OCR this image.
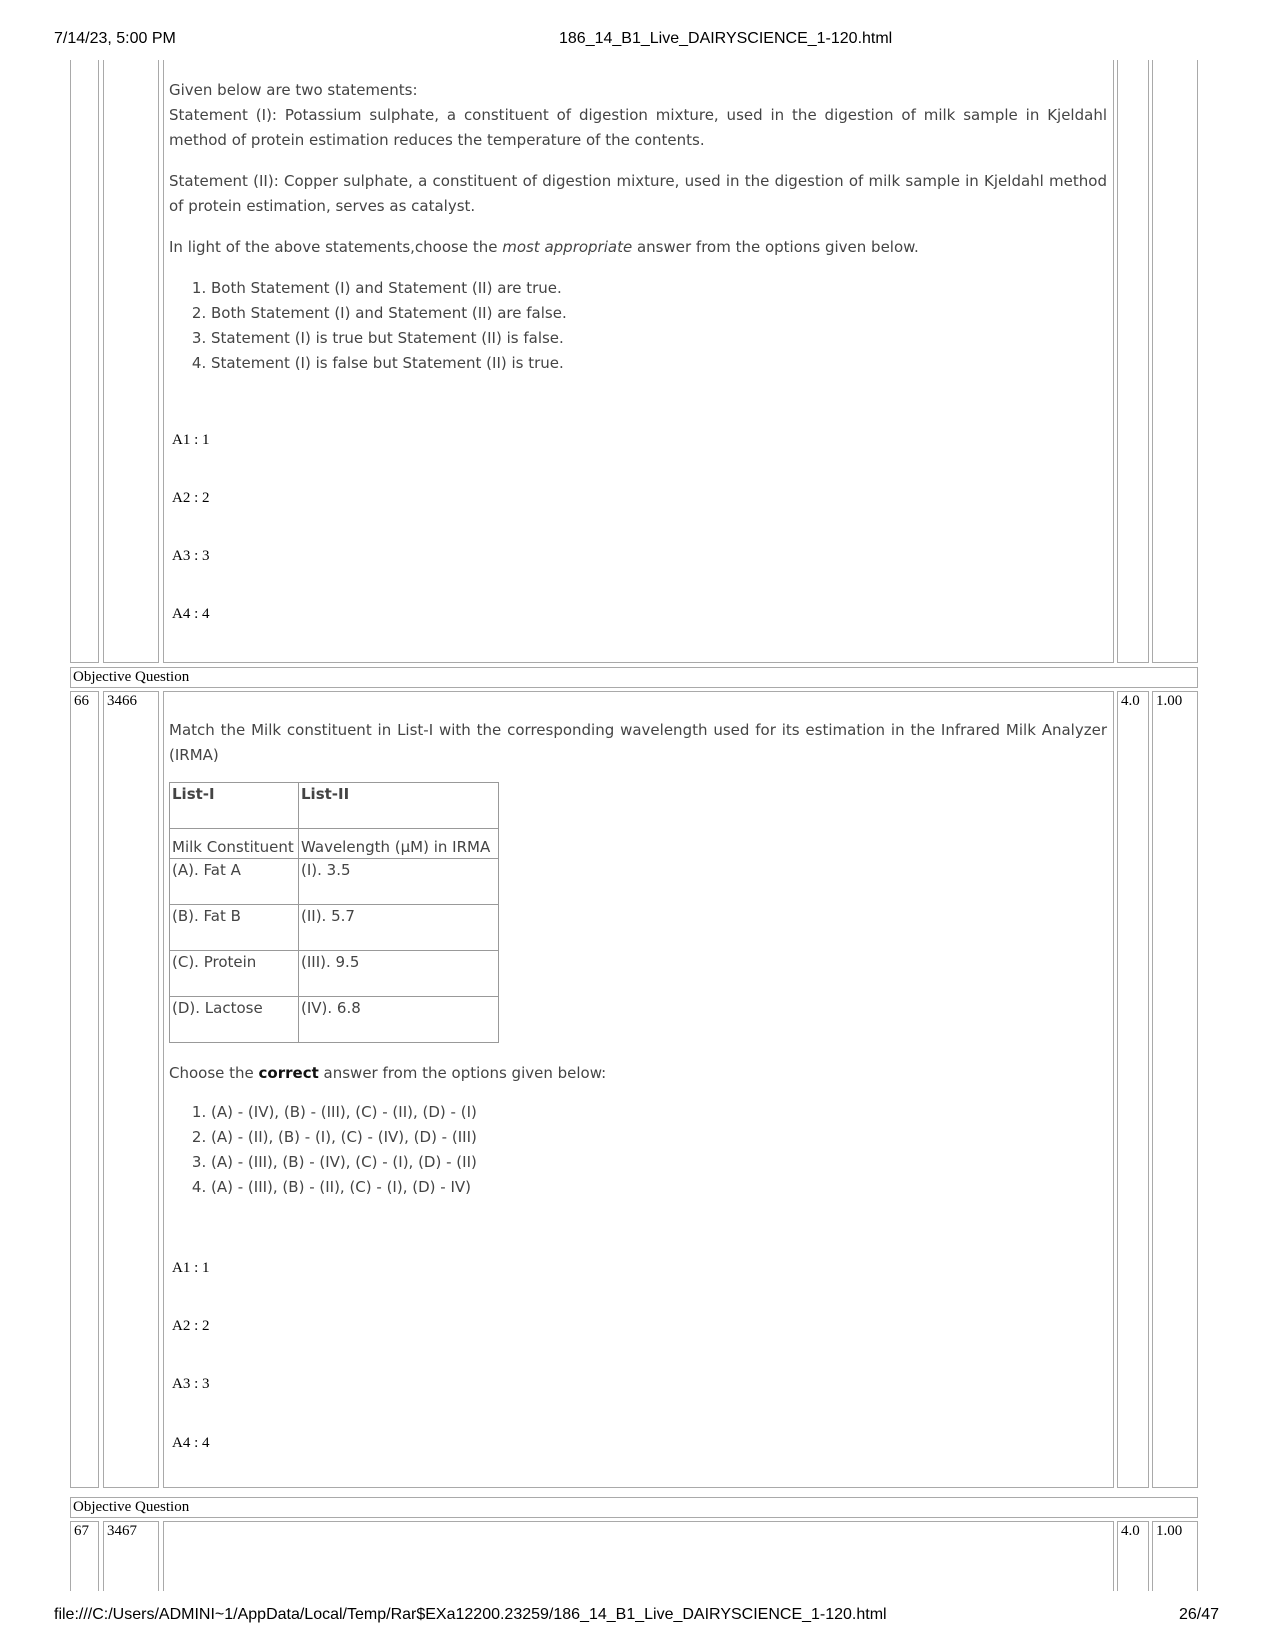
7/14/23, 5:00 PM	186_14_B1_Live_DAIRYSCIENCE_1-120.html

Given below are two statements:

Statement (I): Potassium sulphate, a constituent of digestion mixture, used in the digestion of milk sample in Kjeldahl method of protein estimation reduces the temperature of the contents.

Statement (II): Copper sulphate, a constituent of digestion mixture, used in the digestion of milk sample in Kjeldahl method of protein estimation, serves as catalyst.

In light of the above statements,choose the most appropriate answer from the options given below.

1. Both Statement (I) and Statement (II) are true.
2. Both Statement (I) and Statement (II) are false.
3. Statement (I) is true but Statement (II) is false.
4. Statement (I) is false but Statement (II) is true.
A1 : 1
A2 : 2
A3 : 3
A4 : 4
Objective Question
66	3466	4.0	1.00

Match the Milk constituent in List-I with the corresponding wavelength used for its estimation in the Infrared Milk Analyzer (IRMA)

List-I	List-II
Milk Constituent	Wavelength (µM) in IRMA
(A). Fat A	(I). 3.5
(B). Fat B	(II). 5.7
(C). Protein	(III). 9.5
(D). Lactose	(IV). 6.8

Choose the correct answer from the options given below:

1. (A) - (IV), (B) - (III), (C) - (II), (D) - (I)
2. (A) - (II), (B) - (I), (C) - (IV), (D) - (III)
3. (A) - (III), (B) - (IV), (C) - (I), (D) - (II)
4. (A) - (III), (B) - (II), (C) - (I), (D) - IV)
A1 : 1
A2 : 2
A3 : 3
A4 : 4
Objective Question
67	3467	4.0	1.00
file:///C:/Users/ADMINI~1/AppData/Local/Temp/Rar$EXa12200.23259/186_14_B1_Live_DAIRYSCIENCE_1-120.html	26/47
